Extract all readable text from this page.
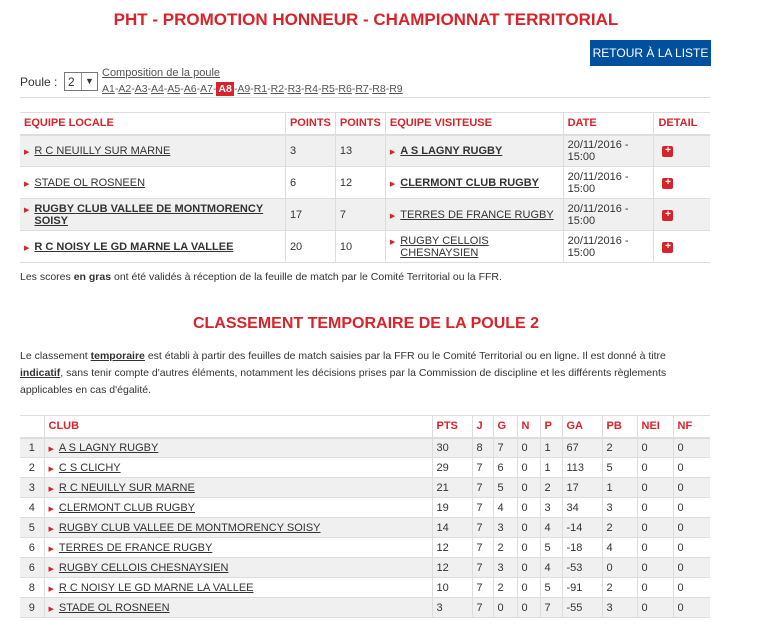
PHT - PROMOTION HONNEUR - CHAMPIONNAT TERRITORIAL
RETOUR À LA LISTE
Poule : 2	▼
Composition de la poule
A1-A2-A3-A4-A5-A6-A7- A8 -A9-R1-R2-R3-R4-R5-R6-R7-R8-R9
EQUIPE LOCALE	POINTS	POINTS	EQUIPE VISITEUSE	DATE	DETAIL

▶ R C NEUILLY SUR MARNE	3	13	▶ A S LAGNY RUGBY	20/11/2016 - 15:00	+

▶ STADE OL ROSNEEN	6	12	▶ CLERMONT CLUB RUGBY	20/11/2016 - 15:00	+

▶ RUGBY CLUB VALLEE DE MONTMORENCY SOISY	17	7	▶ TERRES DE FRANCE RUGBY	20/11/2016 - 15:00	+

▶ R C NOISY LE GD MARNE LA VALLEE	20	10	▶ RUGBY CELLOIS CHESNAYSIEN	20/11/2016 - 15:00	+
Les scores en gras ont été validés à réception de la feuille de match par le Comité Territorial ou la FFR.
CLASSEMENT TEMPORAIRE DE LA POULE 2
Le classement temporaire est établi à partir des feuilles de match saisies par la FFR ou le Comité Territorial ou en ligne. Il est donné à titre indicatif, sans tenir compte d'autres éléments, notamment les décisions prises par la Commission de discipline et les différents règlements applicables en cas d'égalité.
	CLUB	PTS	J	G	N	P	GA	PB	NEI	NF
1	▶ A S LAGNY RUGBY	30	8	7	0	1	67	2	0	0
2	▶ C S CLICHY	29	7	6	0	1	113	5	0	0
3	▶ R C NEUILLY SUR MARNE	21	7	5	0	2	17	1	0	0
4	▶ CLERMONT CLUB RUGBY	19	7	4	0	3	34	3	0	0
5	▶ RUGBY CLUB VALLEE DE MONTMORENCY SOISY	14	7	3	0	4	-14	2	0	0
6	▶ TERRES DE FRANCE RUGBY	12	7	2	0	5	-18	4	0	0
6	▶ RUGBY CELLOIS CHESNAYSIEN	12	7	3	0	4	-53	0	0	0
8	▶ R C NOISY LE GD MARNE LA VALLEE	10	7	2	0	5	-91	2	0	0
9	▶ STADE OL ROSNEEN	3	7	0	0	7	-55	3	0	0
